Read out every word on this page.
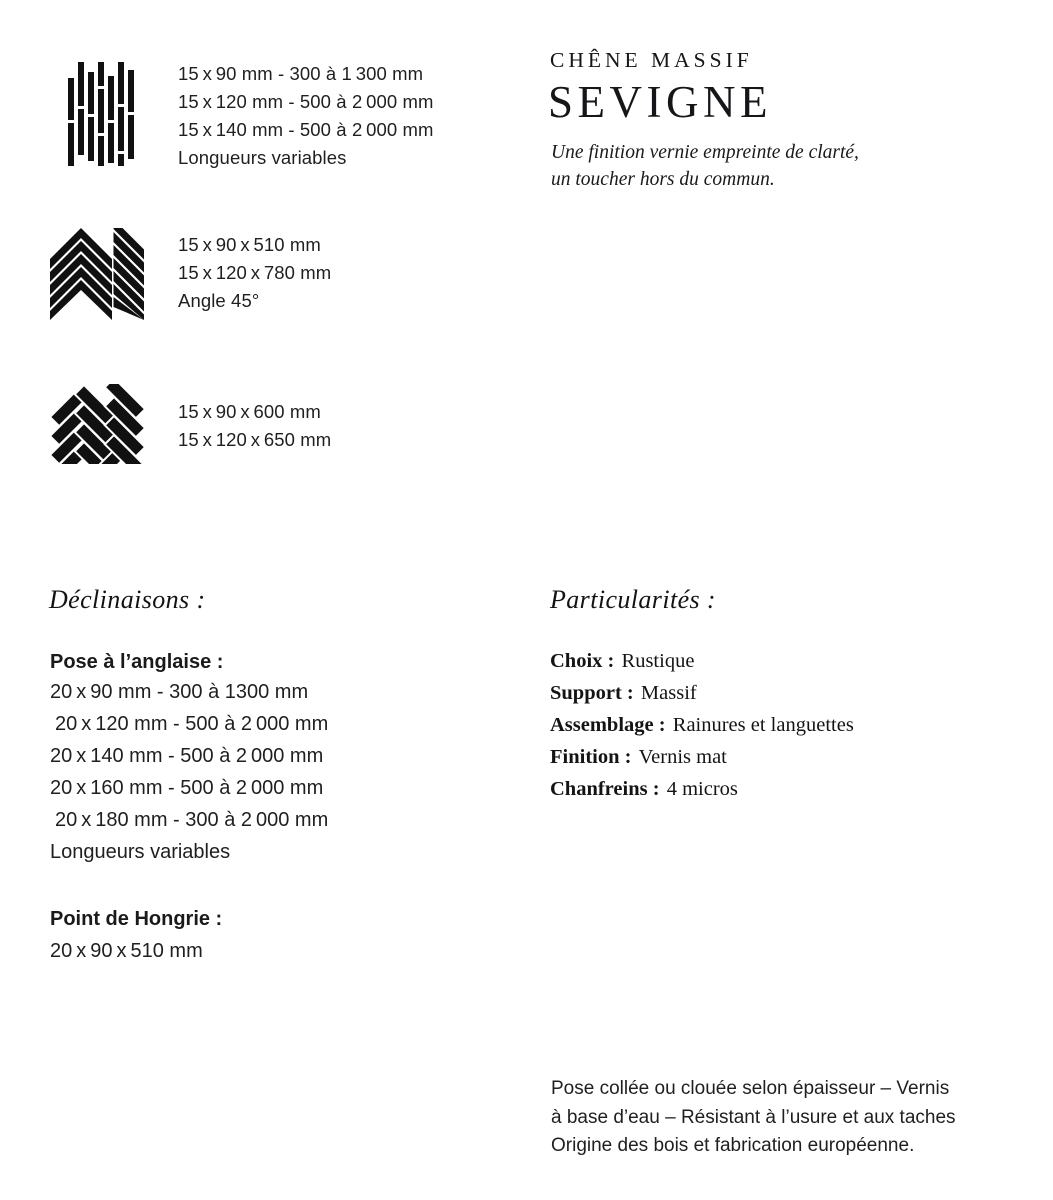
15 x 90 mm - 300 à 1 300 mm
15 x 120 mm - 500 à 2 000 mm
15 x 140 mm - 500 à 2 000 mm
Longueurs variables
15 x 90 x 510 mm
15 x 120 x 780 mm
Angle 45°
15 x 90 x 600 mm
15 x 120 x 650 mm
CHÊNE MASSIF
SEVIGNE
Une finition vernie empreinte de clarté,
un toucher hors du commun.
Déclinaisons :
Pose à l’anglaise :
20 x 90 mm - 300 à 1300 mm
20 x 120 mm - 500 à 2 000 mm
20 x 140 mm - 500 à 2 000 mm
20 x 160 mm - 500 à 2 000 mm
20 x 180 mm - 300 à 2 000 mm
Longueurs variables
Point de Hongrie :
20 x 90 x 510 mm
Particularités :
Choix : Rustique
Support : Massif
Assemblage : Rainures et languettes
Finition : Vernis mat
Chanfreins : 4 micros
Pose collée ou clouée selon épaisseur – Vernis
à base d’eau – Résistant à l’usure et aux taches
Origine des bois et fabrication européenne.
